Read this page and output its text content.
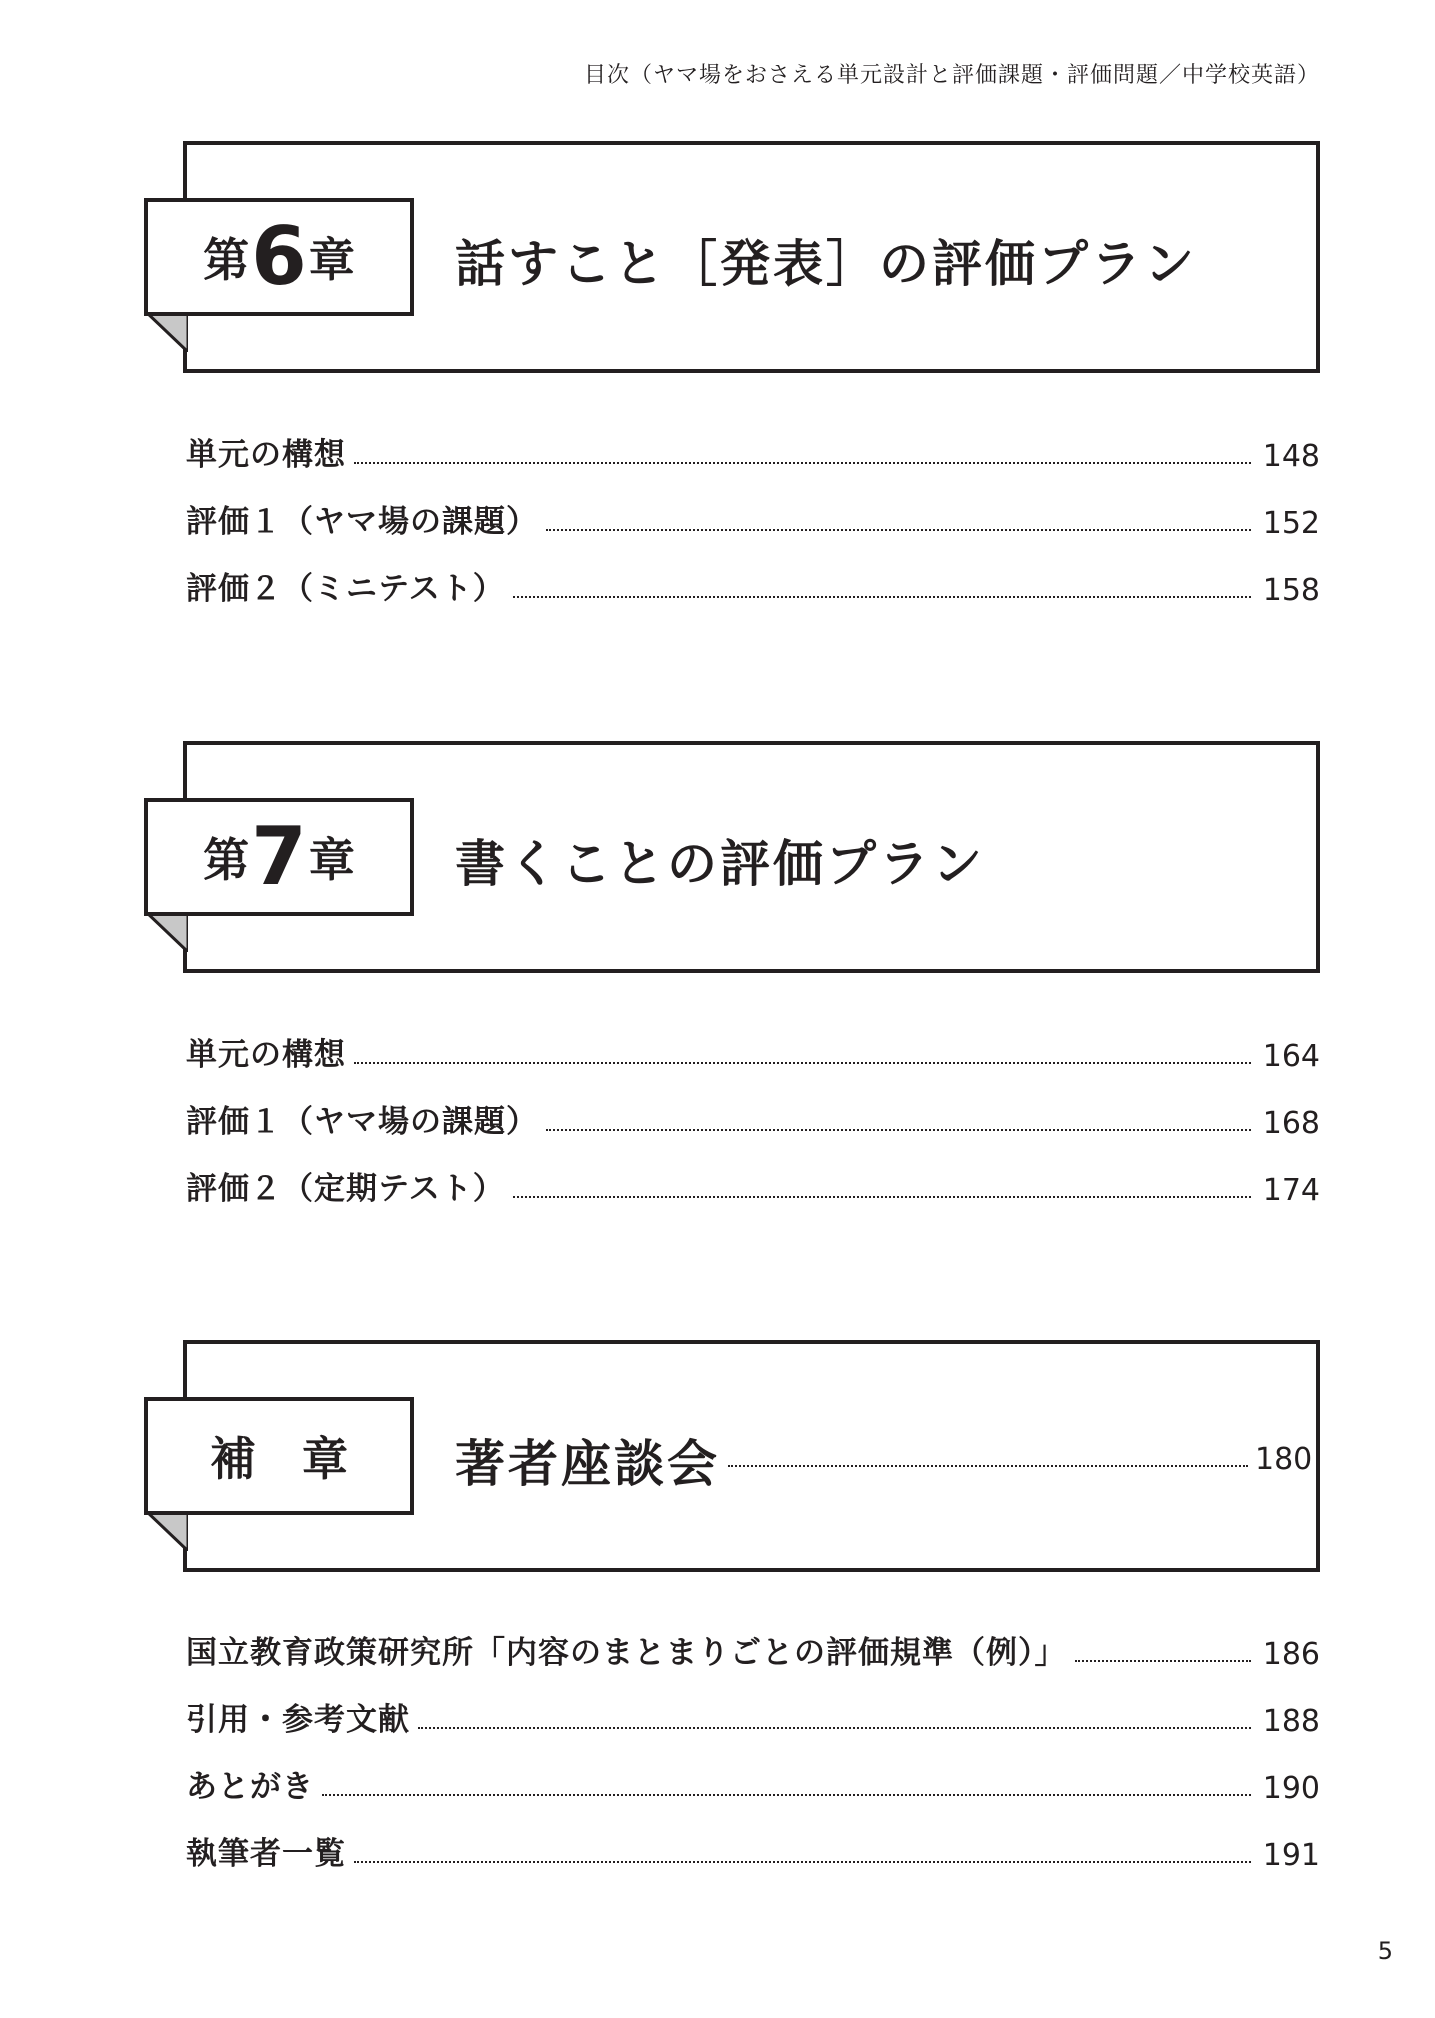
目次（ヤマ場をおさえる単元設計と評価課題・評価問題／中学校英語）
第 6 章 話すこと［発表］の評価プラン
単元の構想	148
評価１（ヤマ場の課題）	152
評価２（ミニテスト）	158
第 7 章 書くことの評価プラン
単元の構想	164
評価１（ヤマ場の課題）	168
評価２（定期テスト）	174
補　章 著者座談会	180
国立教育政策研究所「内容のまとまりごとの評価規準（例）」	186
引用・参考文献	188
あとがき	190
執筆者一覧	191
5
